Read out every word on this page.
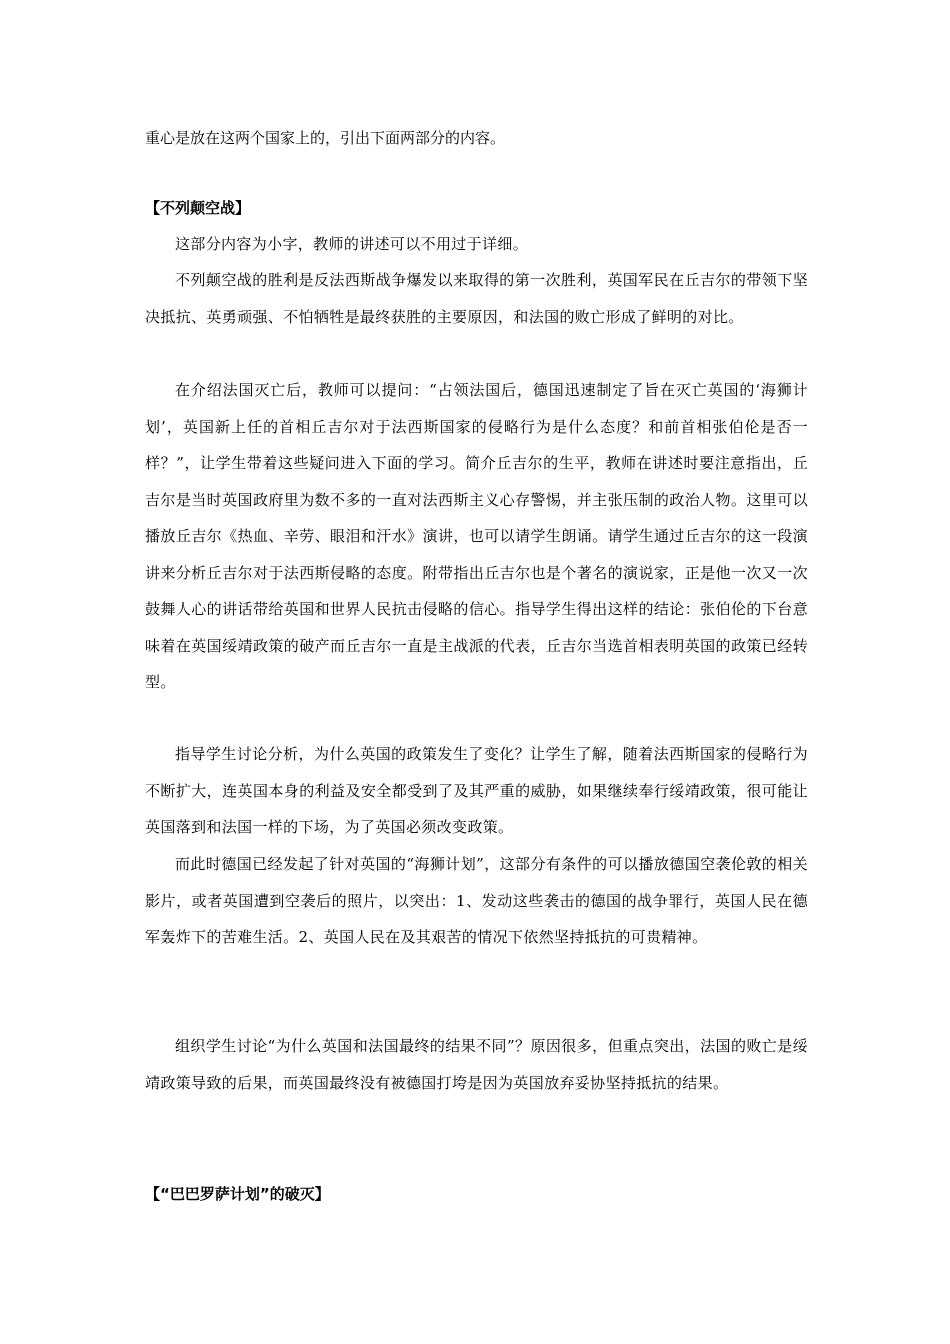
重心是放在这两个国家上的，引出下面两部分的内容。
【不列颠空战】

这部分内容为小字，教师的讲述可以不用过于详细。

不列颠空战的胜利是反法西斯战争爆发以来取得的第一次胜利，英国军民在丘吉尔的带领下坚决抵抗、英勇顽强、不怕牺牲是最终获胜的主要原因，和法国的败亡形成了鲜明的对比。

在介绍法国灭亡后，教师可以提问：“占领法国后，德国迅速制定了旨在灭亡英国的‘海狮计划’，英国新上任的首相丘吉尔对于法西斯国家的侵略行为是什么态度？和前首相张伯伦是否一样？”，让学生带着这些疑问进入下面的学习。简介丘吉尔的生平，教师在讲述时要注意指出，丘吉尔是当时英国政府里为数不多的一直对法西斯主义心存警惕，并主张压制的政治人物。这里可以播放丘吉尔《热血、辛劳、眼泪和汗水》演讲，也可以请学生朗诵。请学生通过丘吉尔的这一段演讲来分析丘吉尔对于法西斯侵略的态度。附带指出丘吉尔也是个著名的演说家，正是他一次又一次鼓舞人心的讲话带给英国和世界人民抗击侵略的信心。指导学生得出这样的结论：张伯伦的下台意味着在英国绥靖政策的破产而丘吉尔一直是主战派的代表，丘吉尔当选首相表明英国的政策已经转型。

指导学生讨论分析，为什么英国的政策发生了变化？让学生了解，随着法西斯国家的侵略行为不断扩大，连英国本身的利益及安全都受到了及其严重的威胁，如果继续奉行绥靖政策，很可能让英国落到和法国一样的下场，为了英国必须改变政策。

而此时德国已经发起了针对英国的“海狮计划”，这部分有条件的可以播放德国空袭伦敦的相关影片，或者英国遭到空袭后的照片，以突出：1、发动这些袭击的德国的战争罪行，英国人民在德军轰炸下的苦难生活。2、英国人民在及其艰苦的情况下依然坚持抵抗的可贵精神。

组织学生讨论“为什么英国和法国最终的结果不同”？原因很多，但重点突出，法国的败亡是绥靖政策导致的后果，而英国最终没有被德国打垮是因为英国放弃妥协坚持抵抗的结果。

【“巴巴罗萨计划”的破灭】
